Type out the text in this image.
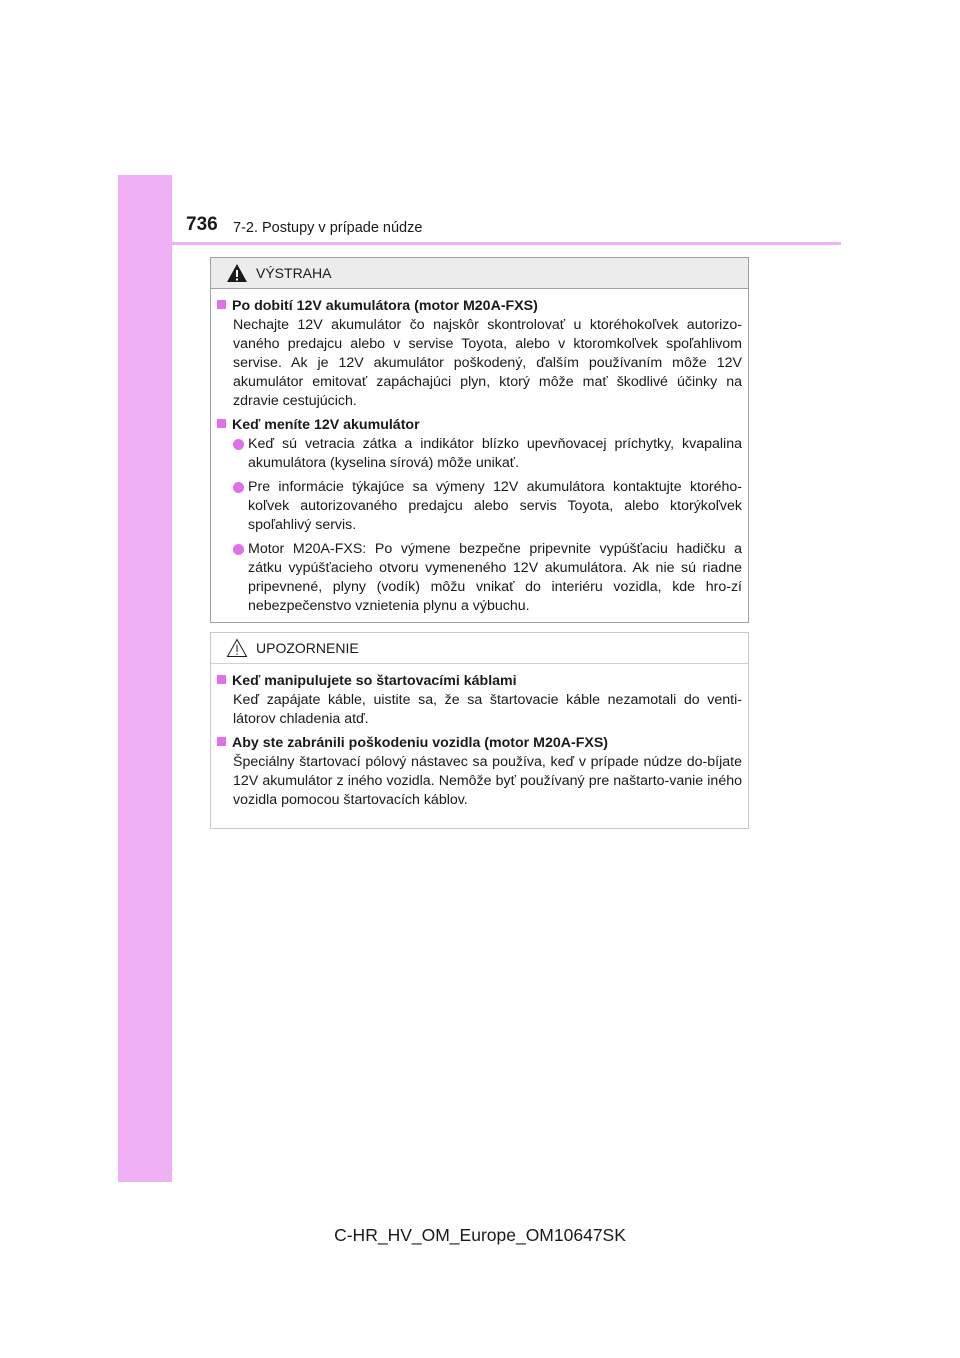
736 7-2. Postupy v prípade núdze
VÝSTRAHA

Po dobití 12V akumulátora (motor M20A-FXS)

Nechajte 12V akumulátor čo najskôr skontrolovať u ktoréhokoľvek autorizo-vaného predajcu alebo v servise Toyota, alebo v ktoromkoľvek spoľahlivom servise. Ak je 12V akumulátor poškodený, ďalším používaním môže 12V akumulátor emitovať zapáchajúci plyn, ktorý môže mať škodlivé účinky na zdravie cestujúcich.

Keď meníte 12V akumulátor

Keď sú vetracia zátka a indikátor blízko upevňovacej príchytky, kvapalina akumulátora (kyselina sírová) môže unikať.
Pre informácie týkajúce sa výmeny 12V akumulátora kontaktujte ktorého-koľvek autorizovaného predajcu alebo servis Toyota, alebo ktorýkoľvek spoľahlivý servis.
Motor M20A-FXS: Po výmene bezpečne pripevnite vypúšťaciu hadičku a zátku vypúšťacieho otvoru vymeneného 12V akumulátora. Ak nie sú riadne pripevnené, plyny (vodík) môžu vnikať do interiéru vozidla, kde hro-zí nebezpečenstvo vznietenia plynu a výbuchu.
UPOZORNENIE

Keď manipulujete so štartovacími káblami

Keď zapájate káble, uistite sa, že sa štartovacie káble nezamotali do venti-látorov chladenia atď.

Aby ste zabránili poškodeniu vozidla (motor M20A-FXS)

Špeciálny štartovací pólový nástavec sa používa, keď v prípade núdze do-bíjate 12V akumulátor z iného vozidla. Nemôže byť používaný pre naštarto-vanie iného vozidla pomocou štartovacích káblov.

C-HR_HV_OM_Europe_OM10647SK
